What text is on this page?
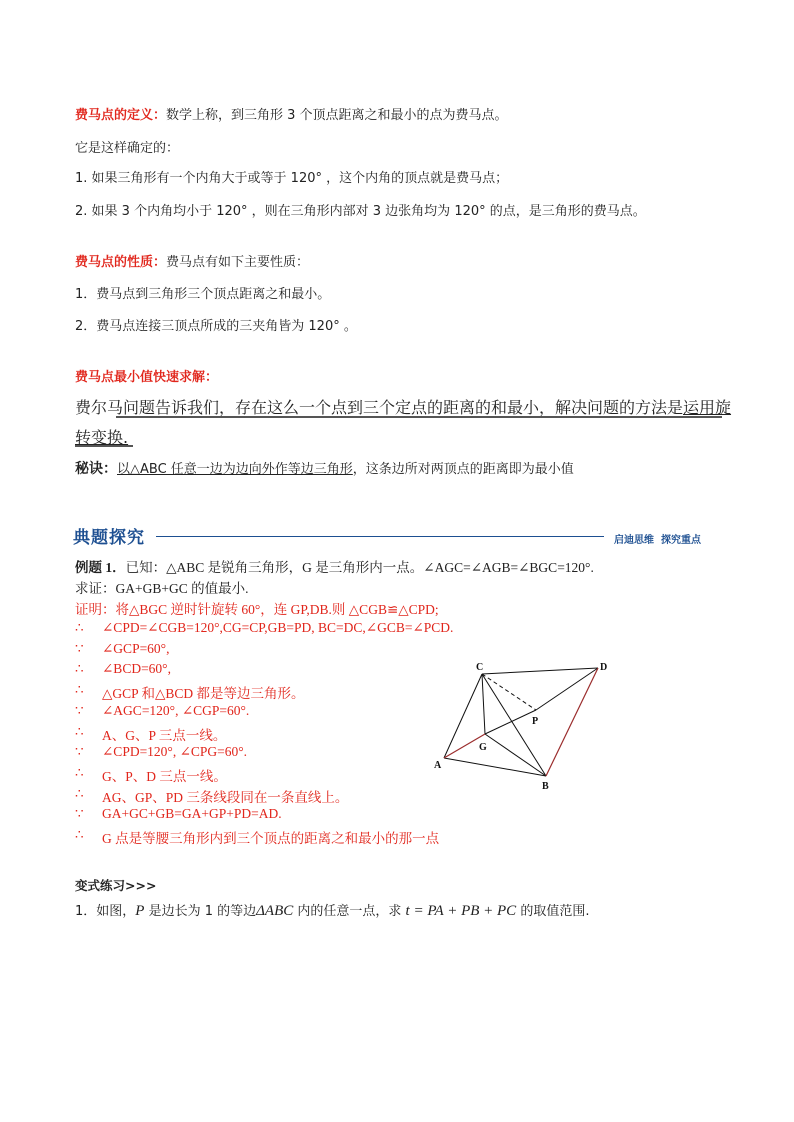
费马点的定义：数学上称，到三角形 3 个顶点距离之和最小的点为费马点。
它是这样确定的：
1. 如果三角形有一个内角大于或等于 120° ，这个内角的顶点就是费马点；
2. 如果 3 个内角均小于 120° ，则在三角形内部对 3 边张角均为 120° 的点，是三角形的费马点。
费马点的性质：费马点有如下主要性质：
1．费马点到三角形三个顶点距离之和最小。
2．费马点连接三顶点所成的三夹角皆为 120° 。
费马点最小值快速求解：
费尔马问题告诉我们，存在这么一个点到三个定点的距离的和最小，解决问题的方法是运用旋
转变换.
秘诀：以△ABC 任意一边为边向外作等边三角形，这条边所对两顶点的距离即为最小值
典题探究	启迪思维 探究重点
例题 1．已知：△ABC 是锐角三角形，G 是三角形内一点。∠AGC=∠AGB=∠BGC=120°.
求证：GA+GB+GC 的值最小.
证明：将△BGC 逆时针旋转 60°，连 GP,DB.则 △CGB≌△CPD;
∴ ∠CPD=∠CGB=120°,CG=CP,GB=PD, BC=DC,∠GCB=∠PCD.
∵ ∠GCP=60°,
∴ ∠BCD=60°,
∴ △GCP 和△BCD 都是等边三角形。
∵ ∠AGC=120°, ∠CGP=60°.
∴ A、G、P 三点一线。
∵ ∠CPD=120°, ∠CPG=60°.
∴ G、P、D 三点一线。
∴ AG、GP、PD 三条线段同在一条直线上。
∵ GA+GC+GB=GA+GP+PD=AD.
∴ G 点是等腰三角形内到三个顶点的距离之和最小的那一点
C	D
P
G
A
B
变式练习>>>
1．如图，P 是边长为 1 的等边ΔABC 内的任意一点，求 t = PA + PB + PC 的取值范围.
